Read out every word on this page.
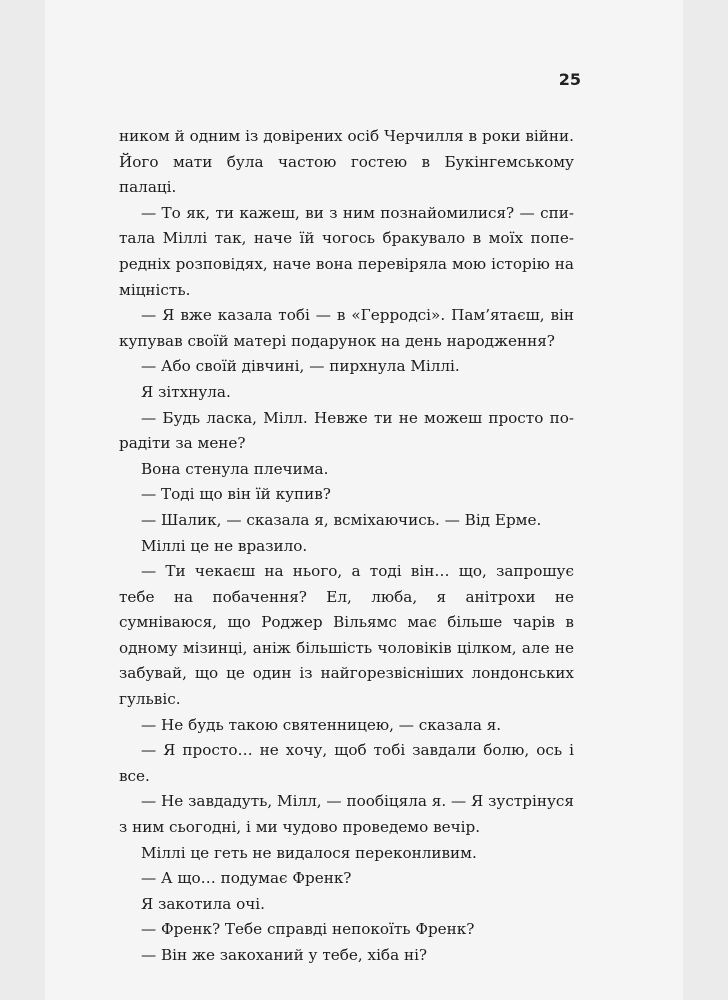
25

ником й одним із довірених осіб Черчилля в роки війни. Його мати була частою гостею в Букінгемському палаці.

— То як, ти кажеш, ви з ним познайомилися? — спитала Міллі так, наче їй чогось бракувало в моїх попередніх розповідях, наче вона перевіряла мою історію на міцність.

— Я вже казала тобі — в «Герродсі». Пам’ятаєш, він купував своїй матері подарунок на день народження?

— Або своїй дівчині, — пирхнула Міллі.

Я зітхнула.

— Будь ласка, Мілл. Невже ти не можеш просто порадіти за мене?

Вона стенула плечима.

— Тоді що він їй купив?

— Шалик, — сказала я, всміхаючись. — Від Ерме.

Міллі це не вразило.

— Ти чекаєш на нього, а тоді він… що, запрошує тебе на побачення? Ел, люба, я анітрохи не сумніваюся, що Роджер Вільямс має більше чарів в одному мізинці, аніж більшість чоловіків цілком, але не забувай, що це один із найгорезвісніших лондонських гульвіс.

— Не будь такою святенницею, — сказала я.

— Я просто… не хочу, щоб тобі завдали болю, ось і все.

— Не завдадуть, Мілл, — пообіцяла я. — Я зустрінуся з ним сьогодні, і ми чудово проведемо вечір.

Міллі це геть не видалося переконливим.

— А що… подумає Френк?

Я закотила очі.

— Френк? Тебе справді непокоїть Френк?

— Він же закоханий у тебе, хіба ні?
